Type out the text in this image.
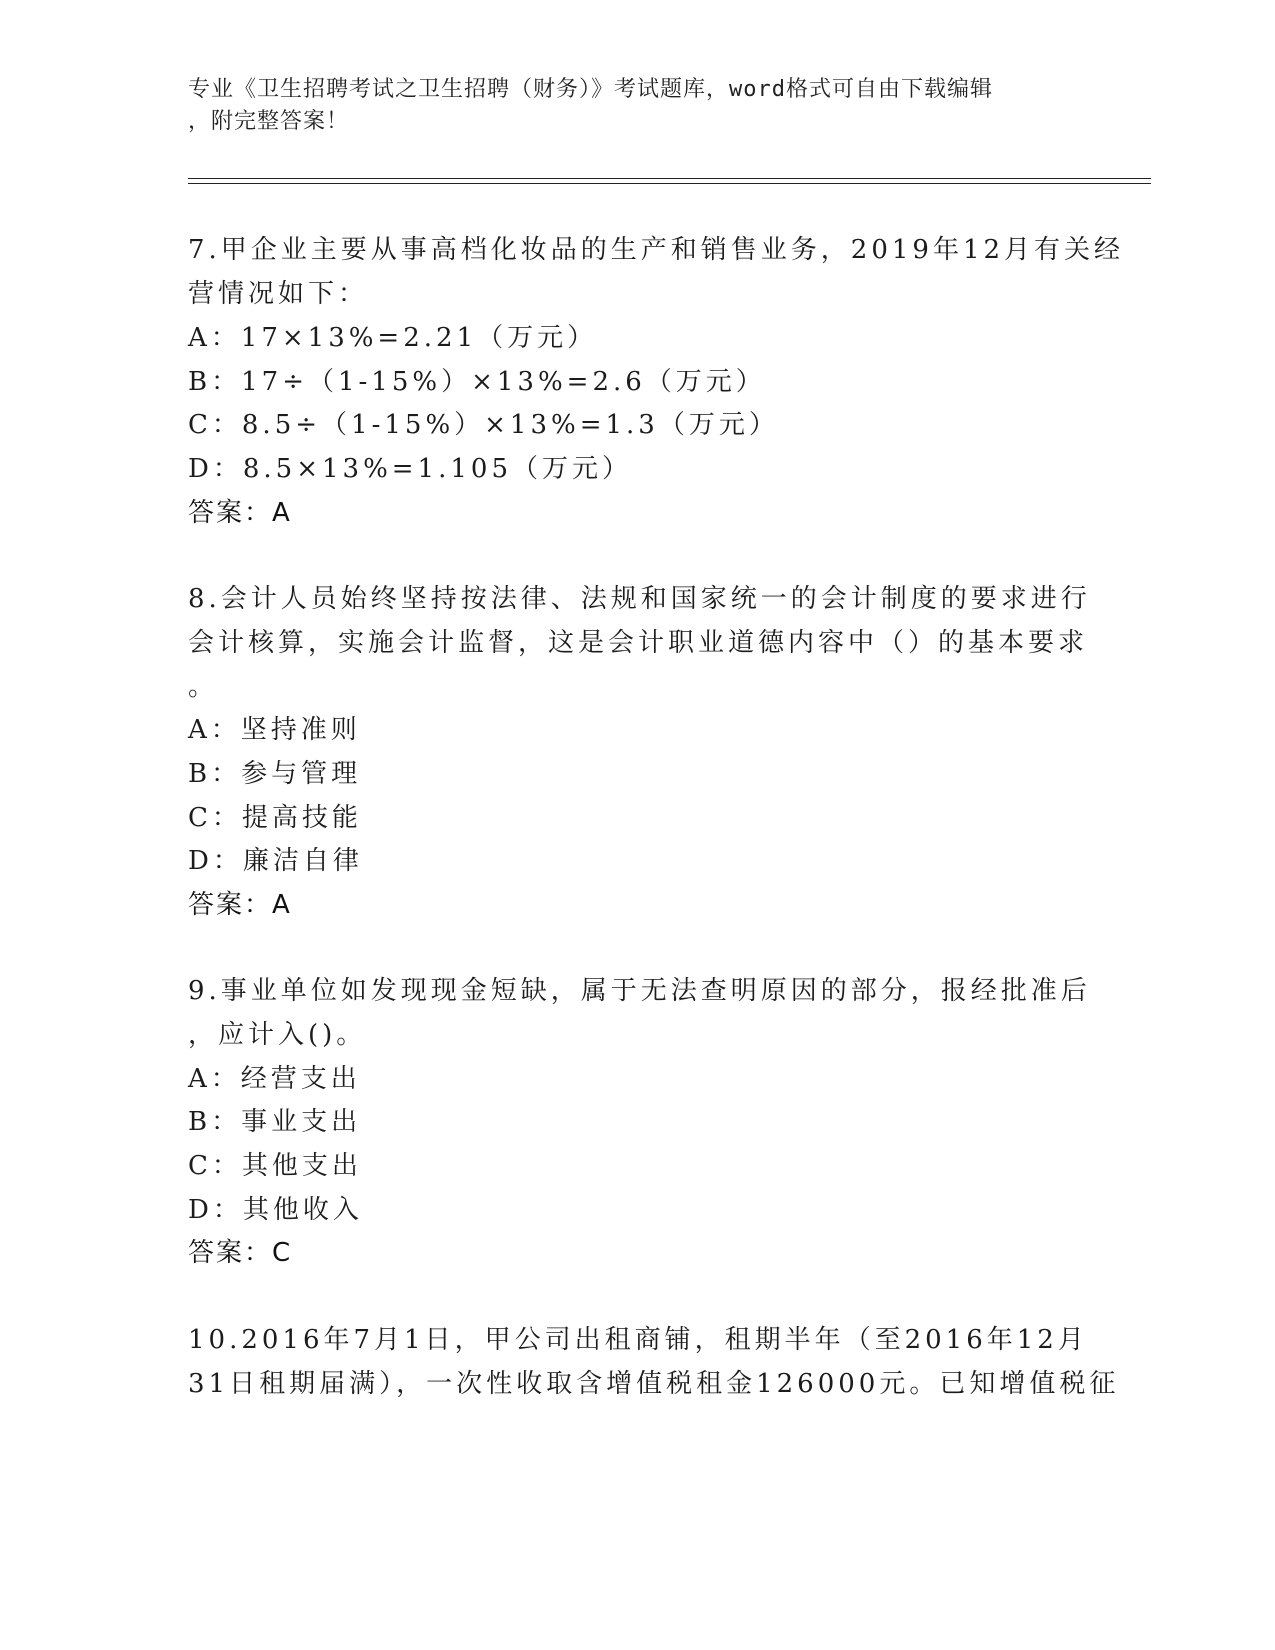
专业《卫生招聘考试之卫生招聘（财务）》考试题库，word格式可自由下载编辑
，附完整答案！
7.甲企业主要从事高档化妆品的生产和销售业务，2019年12月有关经
营情况如下：
A：17×13%=2.21（万元）
B：17÷（1-15%）×13%=2.6（万元）
C：8.5÷（1-15%）×13%=1.3（万元）
D：8.5×13%=1.105（万元）
答案：A
8.会计人员始终坚持按法律、法规和国家统一的会计制度的要求进行
会计核算，实施会计监督，这是会计职业道德内容中（）的基本要求
。
A：坚持准则
B：参与管理
C：提高技能
D：廉洁自律
答案：A
9.事业单位如发现现金短缺，属于无法查明原因的部分，报经批准后
，应计入()。
A：经营支出
B：事业支出
C：其他支出
D：其他收入
答案：C
10.2016年7月1日，甲公司出租商铺，租期半年（至2016年12月
31日租期届满），一次性收取含增值税租金126000元。已知增值税征
